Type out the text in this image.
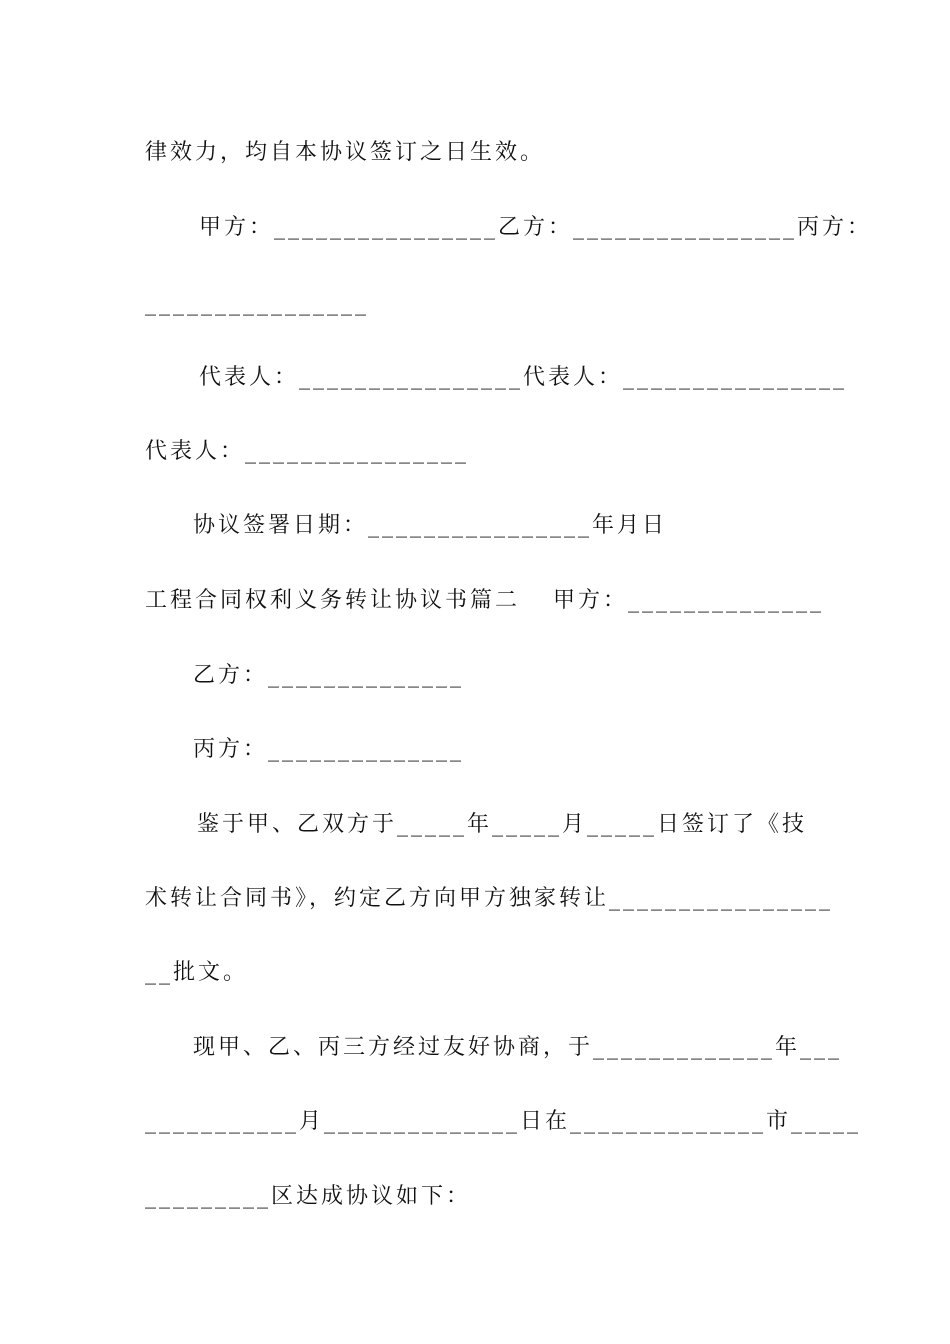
律效力，均自本协议签订之日生效。
甲方：________________乙方：________________丙方：
________________
代表人：________________代表人：________________
代表人：________________
协议签署日期：________________年月日
工程合同权利义务转让协议书篇二 甲方：______________
乙方：______________
丙方：______________
鉴于甲、乙双方于_____年_____月_____日签订了《技
术转让合同书》，约定乙方向甲方独家转让________________
__批文。
现甲、乙、丙三方经过友好协商，于_____________年___
___________月______________日在______________市_____
_________区达成协议如下：
